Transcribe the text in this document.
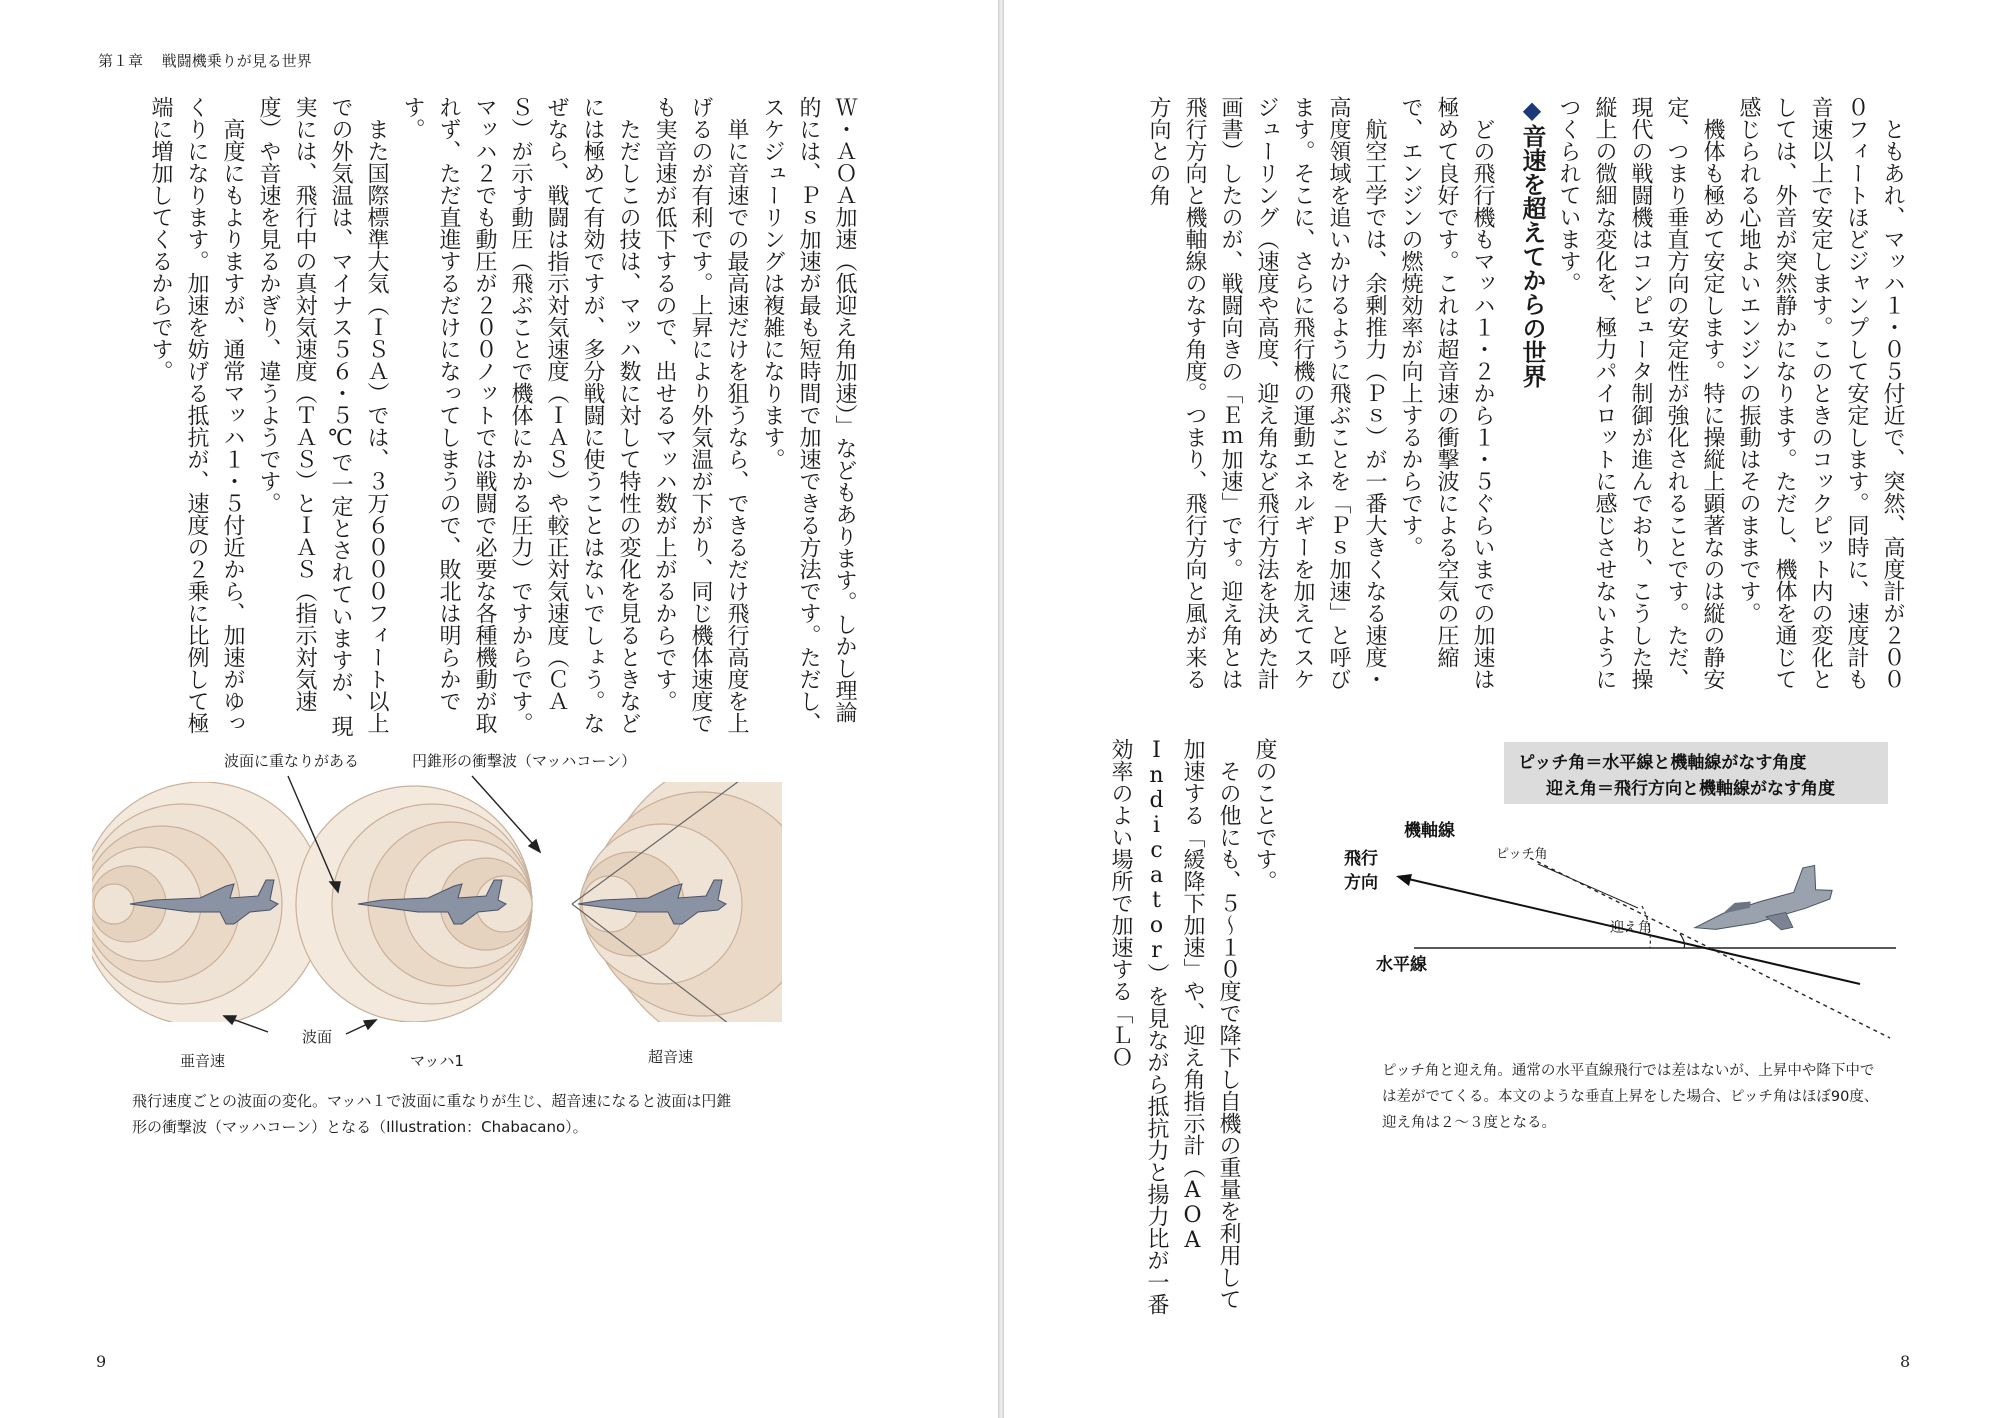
第１章 戦闘機乗りが見る世界

Ｗ・ＡＯＡ加速（低迎え角加速）」などもあります。しかし理論的には、Ｐｓ加速が最も短時間で加速できる方法です。ただし、スケジューリングは複雑になります。

単に音速での最高速だけを狙うなら、できるだけ飛行高度を上げるのが有利です。上昇により外気温が下がり、同じ機体速度でも実音速が低下するので、出せるマッハ数が上がるからです。

ただしこの技は、マッハ数に対して特性の変化を見るときなどには極めて有効ですが、多分戦闘に使うことはないでしょう。なぜなら、戦闘は指示対気速度（ＩＡＳ）や較正対気速度（ＣＡＳ）が示す動圧（飛ぶことで機体にかかる圧力）ですからです。マッハ２でも動圧が２００ノットでは戦闘で必要な各種機動が取れず、ただ直進するだけになってしまうので、敗北は明らかです。

また国際標準大気（ＩＳＡ）では、３万６０００フィート以上での外気温は、マイナス５６・５℃で一定とされていますが、現実には、飛行中の真対気速度（ＴＡＳ）とＩＡＳ（指示対気速度）や音速を見るかぎり、違うようです。

高度にもよりますが、通常マッハ１・５付近から、加速がゆっくりになります。加速を妨げる抵抗が、速度の２乗に比例して極端に増加してくるからです。

波面に重なりがある	円錐形の衝撃波（マッハコーン）
波面
亜音速	マッハ1	超音速
飛行速度ごとの波面の変化。マッハ１で波面に重なりが生じ、超音速になると波面は円錐形の衝撃波（マッハコーン）となる（Illustration：Chabacano）。
9

ともあれ、マッハ１・０５付近で、突然、高度計が２０００フィートほどジャンプして安定します。同時に、速度計も音速以上で安定します。このときのコックピット内の変化としては、外音が突然静かになります。ただし、機体を通じて感じられる心地よいエンジンの振動はそのままです。

機体も極めて安定します。特に操縦上顕著なのは縦の静安定、つまり垂直方向の安定性が強化されることです。ただ、現代の戦闘機はコンピュータ制御が進んでおり、こうした操縦上の微細な変化を、極力パイロットに感じさせないようにつくられています。

◆音速を超えてからの世界

どの飛行機もマッハ１・２から１・５ぐらいまでの加速は極めて良好です。これは超音速の衝撃波による空気の圧縮で、エンジンの燃焼効率が向上するからです。

航空工学では、余剰推力（Ｐｓ）が一番大きくなる速度・高度領域を追いかけるように飛ぶことを「Ｐｓ加速」と呼びます。そこに、さらに飛行機の運動エネルギーを加えてスケジューリング（速度や高度、迎え角など飛行方法を決めた計画書）したのが、戦闘向きの「Ｅｍ加速」です。迎え角とは飛行方向と機軸線のなす角度。つまり、飛行方向と風が来る方向との角

ピッチ角＝水平線と機軸線がなす角度
迎え角＝飛行方向と機軸線がなす角度
機軸線
飛行
方向
ピッチ角
迎え角
水平線
ピッチ角と迎え角。通常の水平直線飛行では差はないが、上昇中や降下中では差がでてくる。本文のような垂直上昇をした場合、ピッチ角はほぼ90度、迎え角は２～３度となる。

度のことです。

その他にも、５～１０度で降下し自機の重量を利用して加速する「緩降下加速」や、迎え角指示計（AOA Indicator）を見ながら抵抗力と揚力比が一番効率のよい場所で加速する「ＬＯ

8
